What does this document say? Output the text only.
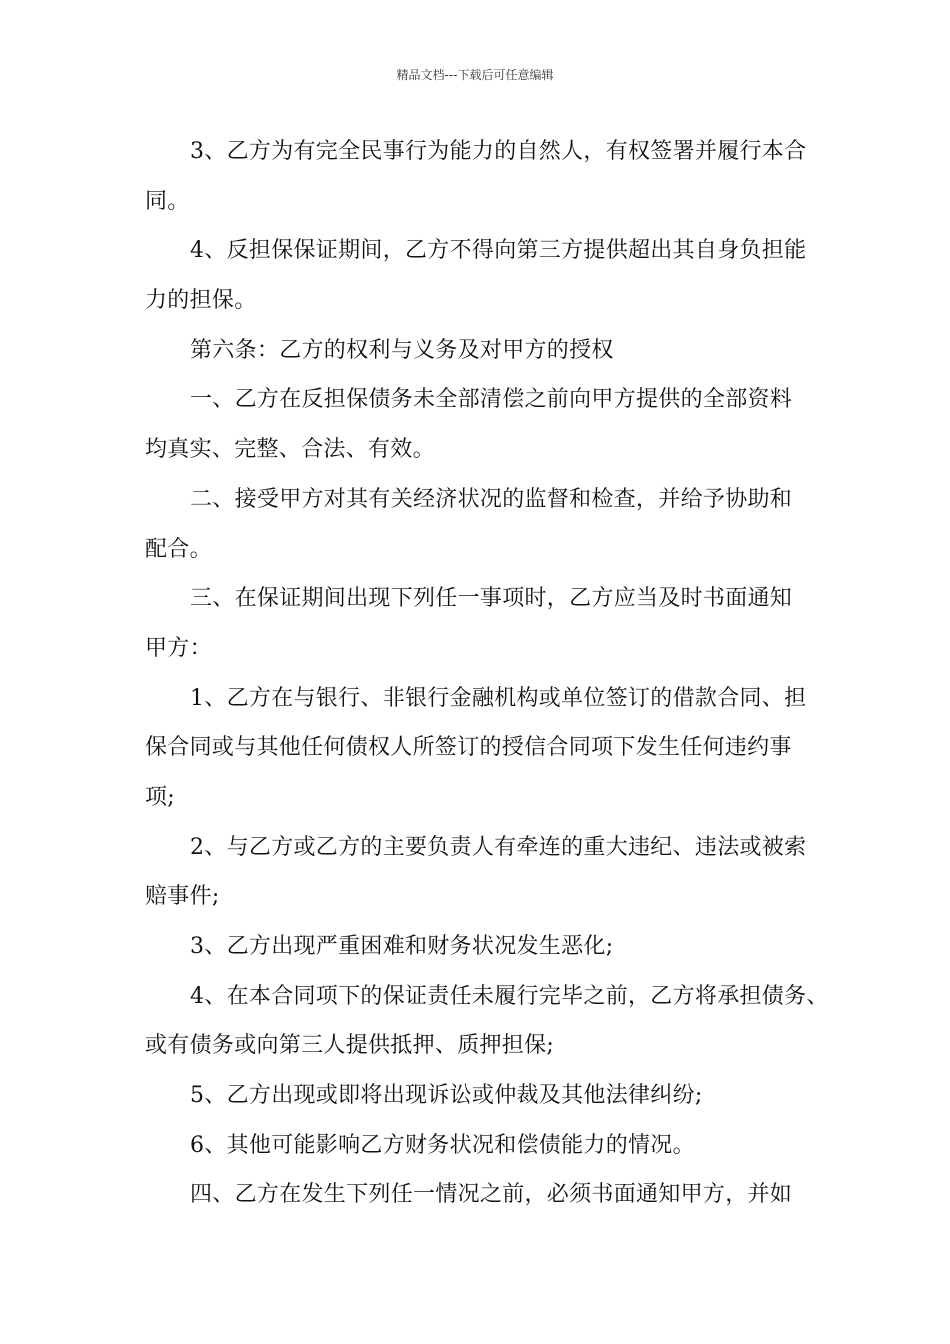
精品文档---下载后可任意编辑
3、乙方为有完全民事行为能力的自然人，有权签署并履行本合
同。
4、反担保保证期间，乙方不得向第三方提供超出其自身负担能
力的担保。
第六条：乙方的权利与义务及对甲方的授权
一、乙方在反担保债务未全部清偿之前向甲方提供的全部资料
均真实、完整、合法、有效。
二、接受甲方对其有关经济状况的监督和检查，并给予协助和
配合。
三、在保证期间出现下列任一事项时，乙方应当及时书面通知
甲方：
1、乙方在与银行、非银行金融机构或单位签订的借款合同、担
保合同或与其他任何债权人所签订的授信合同项下发生任何违约事
项;
2、与乙方或乙方的主要负责人有牵连的重大违纪、违法或被索
赔事件;
3、乙方出现严重困难和财务状况发生恶化;
4、在本合同项下的保证责任未履行完毕之前，乙方将承担债务、
或有债务或向第三人提供抵押、质押担保;
5、乙方出现或即将出现诉讼或仲裁及其他法律纠纷;
6、其他可能影响乙方财务状况和偿债能力的情况。
四、乙方在发生下列任一情况之前，必须书面通知甲方，并如
